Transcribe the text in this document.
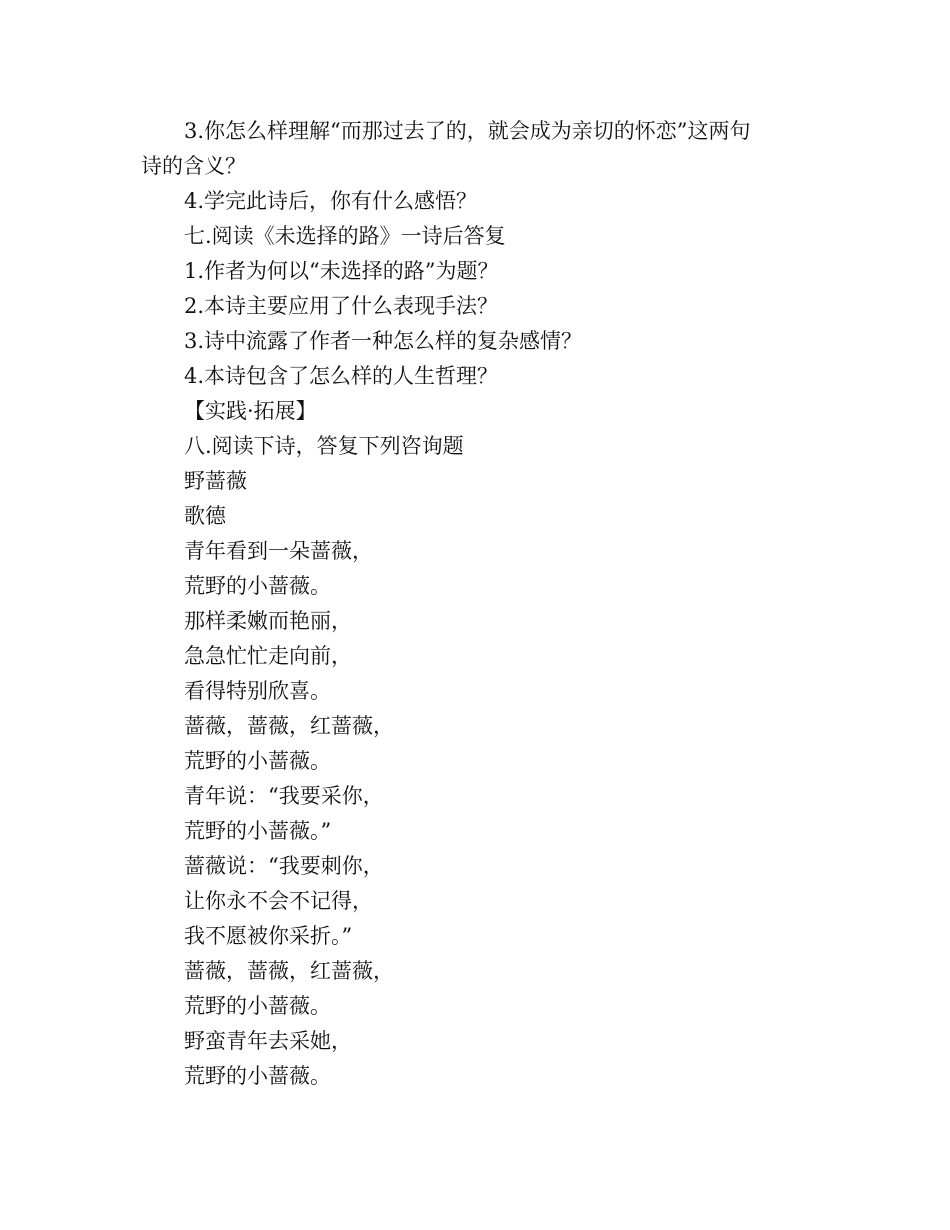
3.你怎么样理解“而那过去了的，就会成为亲切的怀恋”这两句
诗的含义？
4.学完此诗后，你有什么感悟？
七.阅读《未选择的路》一诗后答复
1.作者为何以“未选择的路”为题？
2.本诗主要应用了什么表现手法？
3.诗中流露了作者一种怎么样的复杂感情？
4.本诗包含了怎么样的人生哲理？
【实践·拓展】
八.阅读下诗，答复下列咨询题
野蔷薇
歌德
青年看到一朵蔷薇，
荒野的小蔷薇。
那样柔嫩而艳丽，
急急忙忙走向前，
看得特别欣喜。
蔷薇，蔷薇，红蔷薇，
荒野的小蔷薇。
青年说：“我要采你，
荒野的小蔷薇。”
蔷薇说：“我要刺你，
让你永不会不记得，
我不愿被你采折。”
蔷薇，蔷薇，红蔷薇，
荒野的小蔷薇。
野蛮青年去采她，
荒野的小蔷薇。
